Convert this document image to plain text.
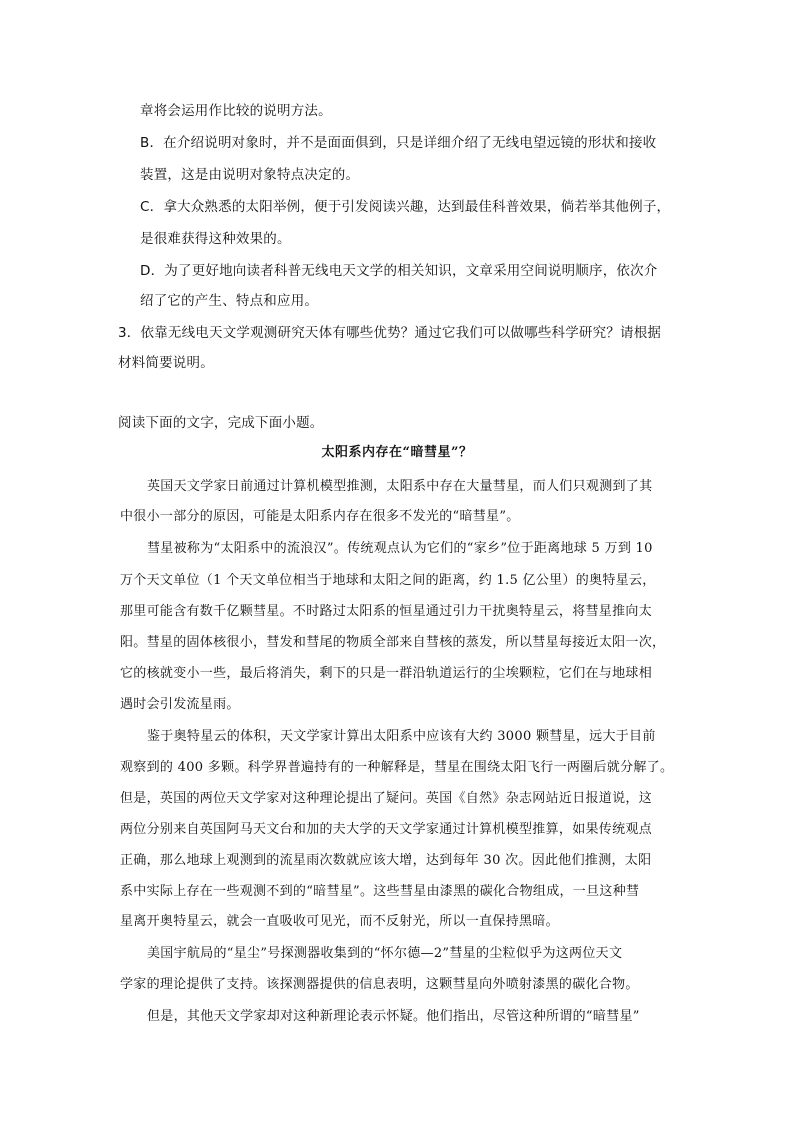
章将会运用作比较的说明方法。
B．在介绍说明对象时，并不是面面俱到，只是详细介绍了无线电望远镜的形状和接收
装置，这是由说明对象特点决定的。
C．拿大众熟悉的太阳举例，便于引发阅读兴趣，达到最佳科普效果，倘若举其他例子，
是很难获得这种效果的。
D．为了更好地向读者科普无线电天文学的相关知识，文章采用空间说明顺序，依次介
绍了它的产生、特点和应用。
3．依靠无线电天文学观测研究天体有哪些优势？通过它我们可以做哪些科学研究？请根据
材料简要说明。
阅读下面的文字，完成下面小题。
太阳系内存在“暗彗星”？
英国天文学家日前通过计算机模型推测，太阳系中存在大量彗星，而人们只观测到了其
中很小一部分的原因，可能是太阳系内存在很多不发光的“暗彗星”。
彗星被称为“太阳系中的流浪汉”。传统观点认为它们的“家乡”位于距离地球 5 万到 10
万个天文单位（1 个天文单位相当于地球和太阳之间的距离，约 1.5 亿公里）的奥特星云，
那里可能含有数千亿颗彗星。不时路过太阳系的恒星通过引力干扰奥特星云，将彗星推向太
阳。彗星的固体核很小，彗发和彗尾的物质全部来自彗核的蒸发，所以彗星每接近太阳一次，
它的核就变小一些，最后将消失，剩下的只是一群沿轨道运行的尘埃颗粒，它们在与地球相
遇时会引发流星雨。
鉴于奥特星云的体积，天文学家计算出太阳系中应该有大约 3000 颗彗星，远大于目前
观察到的 400 多颗。科学界普遍持有的一种解释是，彗星在围绕太阳飞行一两圈后就分解了。
但是，英国的两位天文学家对这种理论提出了疑问。英国《自然》杂志网站近日报道说，这
两位分别来自英国阿马天文台和加的夫大学的天文学家通过计算机模型推算，如果传统观点
正确，那么地球上观测到的流星雨次数就应该大增，达到每年 30 次。因此他们推测，太阳
系中实际上存在一些观测不到的“暗彗星”。这些彗星由漆黑的碳化合物组成，一旦这种彗
星离开奥特星云，就会一直吸收可见光，而不反射光，所以一直保持黑暗。
美国宇航局的“星尘”号探测器收集到的“怀尔德—2”彗星的尘粒似乎为这两位天文
学家的理论提供了支持。该探测器提供的信息表明，这颗彗星向外喷射漆黑的碳化合物。
但是，其他天文学家却对这种新理论表示怀疑。他们指出，尽管这种所谓的“暗彗星”
